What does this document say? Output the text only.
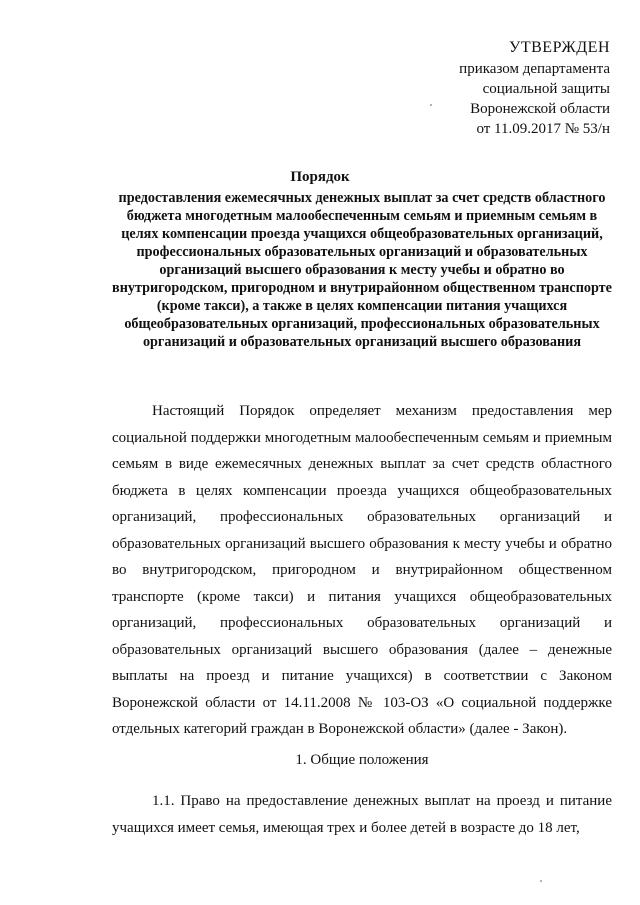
УТВЕРЖДЕН
приказом департамента
социальной защиты
Воронежской области
от 11.09.2017 № 53/н
Порядок

предоставления ежемесячных денежных выплат за счет средств областного бюджета многодетным малообеспеченным семьям и приемным семьям в целях компенсации проезда учащихся общеобразовательных организаций, профессиональных образовательных организаций и образовательных организаций высшего образования к месту учебы и обратно во внутригородском, пригородном и внутрирайонном общественном транспорте (кроме такси), а также в целях компенсации питания учащихся общеобразовательных организаций, профессиональных образовательных организаций и образовательных организаций высшего образования

Настоящий Порядок определяет механизм предоставления мер социальной поддержки многодетным малообеспеченным семьям и приемным семьям в виде ежемесячных денежных выплат за счет средств областного бюджета в целях компенсации проезда учащихся общеобразовательных организаций, профессиональных образовательных организаций и образовательных организаций высшего образования к месту учебы и обратно во внутригородском, пригородном и внутрирайонном общественном транспорте (кроме такси) и питания учащихся общеобразовательных организаций, профессиональных образовательных организаций и образовательных организаций высшего образования (далее – денежные выплаты на проезд и питание учащихся) в соответствии с Законом Воронежской области от 14.11.2008 № 103-ОЗ «О социальной поддержке отдельных категорий граждан в Воронежской области» (далее - Закон).

1. Общие положения

1.1. Право на предоставление денежных выплат на проезд и питание учащихся имеет семья, имеющая трех и более детей в возрасте до 18 лет,
